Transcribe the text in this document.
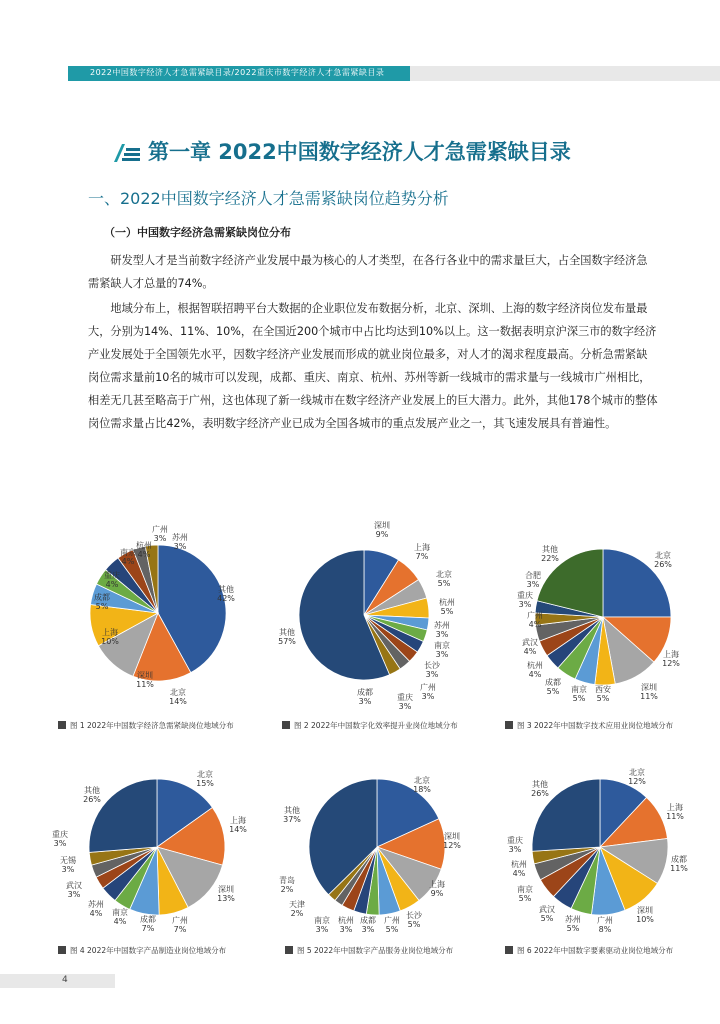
2022中国数字经济人才急需紧缺目录/2022重庆市数字经济人才急需紧缺目录
第一章 2022中国数字经济人才急需紧缺目录
一、2022中国数字经济人才急需紧缺岗位趋势分析
（一）中国数字经济急需紧缺岗位分布
研发型人才是当前数字经济产业发展中最为核心的人才类型，在各行各业中的需求量巨大，占全国数字经济急需紧缺人才总量的74%。
地域分布上，根据智联招聘平台大数据的企业职位发布数据分析，北京、深圳、上海的数字经济岗位发布量最大，分别为14%、11%、10%，在全国近200个城市中占比均达到10%以上。这一数据表明京沪深三市的数字经济产业发展处于全国领先水平，因数字经济产业发展而形成的就业岗位最多，对人才的渴求程度最高。分析急需紧缺岗位需求量前10名的城市可以发现，成都、重庆、南京、杭州、苏州等新一线城市的需求量与一线城市广州相比，相差无几甚至略高于广州，这也体现了新一线城市在数字经济产业发展上的巨大潜力。此外，其他178个城市的整体岗位需求量占比42%，表明数字经济产业已成为全国各城市的重点发展产业之一，其飞速发展具有普遍性。
其他 42%
北京 14%
深圳 11%
上海 10%
成都 5%
重庆 4%
南京 4%
杭州 4%
广州 3% 苏州 3%
图 1 2022年中国数字经济急需紧缺岗位地域分布
深圳 9%
上海 7%
北京 5%
杭州 5%
苏州 3%
南京 3%
长沙 3%
广州 3%
重庆 3%
成都 3%
其他 57%
图 2 2022年中国数字化效率提升业岗位地域分布
北京 26%
上海 12%
深圳 11%
西安 5%
南京 5%
成都 5%
杭州 4%
武汉 4%
广州 4%
重庆 3%
合肥 3%
其他 22%
图 3 2022年中国数字技术应用业岗位地域分布
北京 15%
上海 14%
深圳 13%
广州 7%
成都 7%
南京 4%
苏州 4%
武汉 3%
无锡 3%
重庆 3%
其他 26%
图 4 2022年中国数字产品制造业岗位地域分布
北京 18%
深圳 12%
上海 9%
长沙 5%
广州 5%
成都 3%
杭州 3%
南京 3%
天津 2%
青岛 2%
其他 37%
图 5 2022年中国数字产品服务业岗位地域分布
北京 12%
上海 11%
成都 11%
深圳 10%
广州 8%
苏州 5%
武汉 5%
南京 5%
杭州 4%
重庆 3%
其他 26%
图 6 2022年中国数字要素驱动业岗位地域分布
4
